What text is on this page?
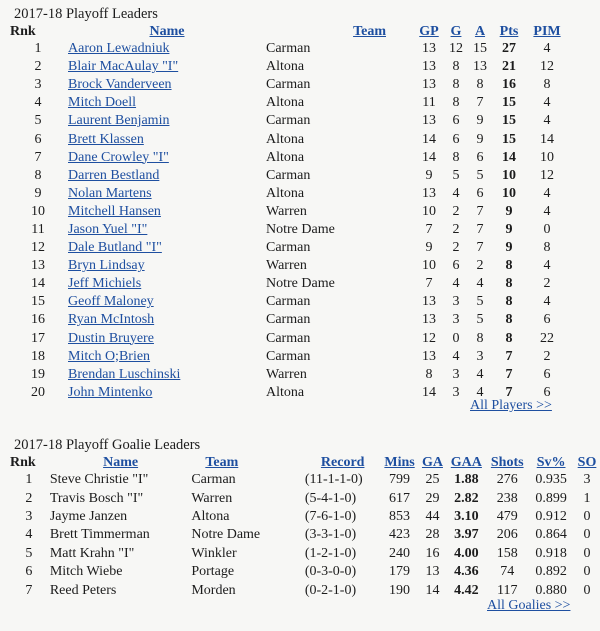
2017-18 Playoff Leaders
Rnk	Name	Team	GP	G	A	Pts	PIM
1	Aaron Lewadniuk	Carman	13	12	15	27	4
2	Blair MacAulay "I"	Altona	13	8	13	21	12
3	Brock Vanderveen	Carman	13	8	8	16	8
4	Mitch Doell	Altona	11	8	7	15	4
5	Laurent Benjamin	Carman	13	6	9	15	4
6	Brett Klassen	Altona	14	6	9	15	14
7	Dane Crowley "I"	Altona	14	8	6	14	10
8	Darren Bestland	Carman	9	5	5	10	12
9	Nolan Martens	Altona	13	4	6	10	4
10	Mitchell Hansen	Warren	10	2	7	9	4
11	Jason Yuel "I"	Notre Dame	7	2	7	9	0
12	Dale Butland "I"	Carman	9	2	7	9	8
13	Bryn Lindsay	Warren	10	6	2	8	4
14	Jeff Michiels	Notre Dame	7	4	4	8	2
15	Geoff Maloney	Carman	13	3	5	8	4
16	Ryan McIntosh	Carman	13	3	5	8	6
17	Dustin Bruyere	Carman	12	0	8	8	22
18	Mitch O;Brien	Carman	13	4	3	7	2
19	Brendan Luschinski	Warren	8	3	4	7	6
20	John Mintenko	Altona	14	3	4	7	6
All Players >>
2017-18 Playoff Goalie Leaders
Rnk	Name	Team	Record	Mins	GA	GAA	Shots	Sv%	SO
1	Steve Christie "I"	Carman	(11-1-1-0)	799	25	1.88	276	0.935	3
2	Travis Bosch "I"	Warren	(5-4-1-0)	617	29	2.82	238	0.899	1
3	Jayme Janzen	Altona	(7-6-1-0)	853	44	3.10	479	0.912	0
4	Brett Timmerman	Notre Dame	(3-3-1-0)	423	28	3.97	206	0.864	0
5	Matt Krahn "I"	Winkler	(1-2-1-0)	240	16	4.00	158	0.918	0
6	Mitch Wiebe	Portage	(0-3-0-0)	179	13	4.36	74	0.892	0
7	Reed Peters	Morden	(0-2-1-0)	190	14	4.42	117	0.880	0
All Goalies >>
